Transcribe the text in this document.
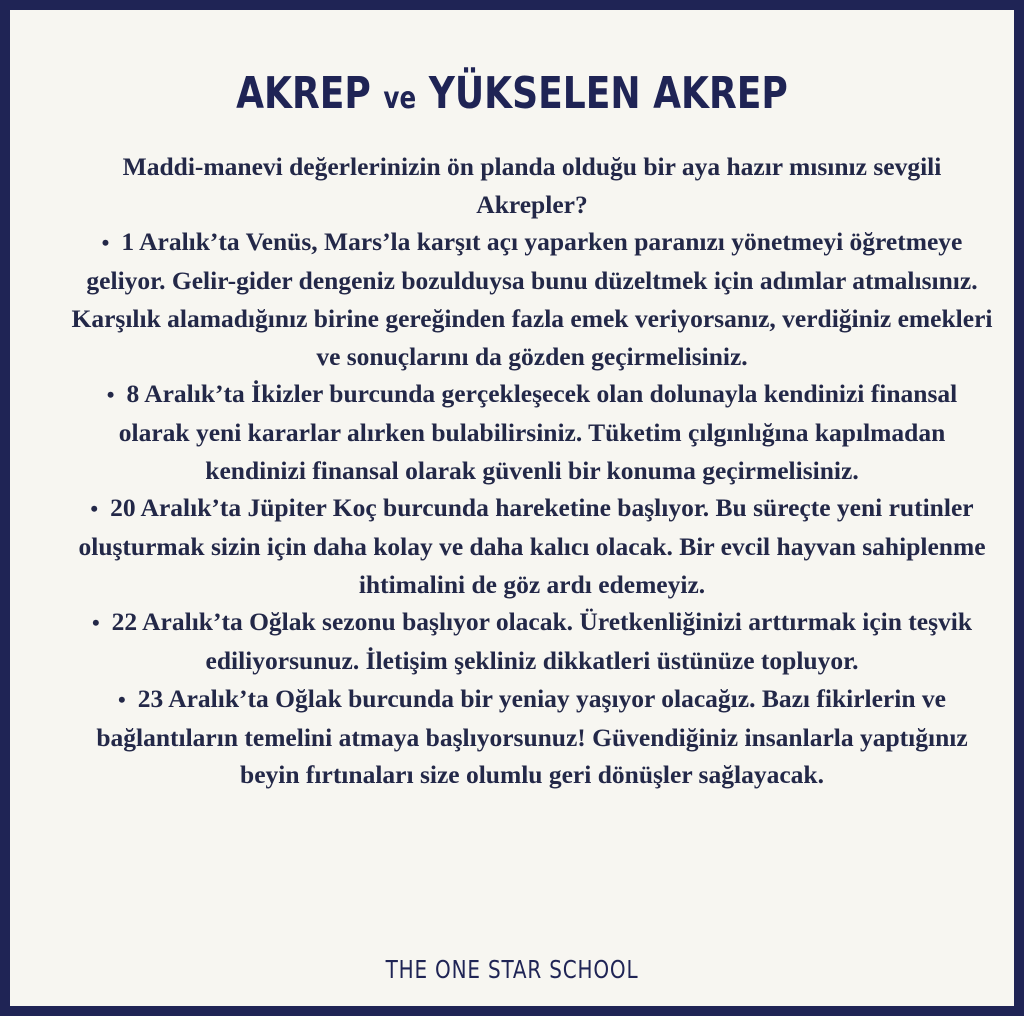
AKREP ve YÜKSELEN AKREP

Maddi-manevi değerlerinizin ön planda olduğu bir aya hazır mısınız sevgili Akrepler?

• 1 Aralık’ta Venüs, Mars’la karşıt açı yaparken paranızı yönetmeyi öğretmeye geliyor. Gelir-gider dengeniz bozulduysa bunu düzeltmek için adımlar atmalısınız. Karşılık alamadığınız birine gereğinden fazla emek veriyorsanız, verdiğiniz emekleri ve sonuçlarını da gözden geçirmelisiniz.

• 8 Aralık’ta İkizler burcunda gerçekleşecek olan dolunayla kendinizi finansal olarak yeni kararlar alırken bulabilirsiniz. Tüketim çılgınlığına kapılmadan kendinizi finansal olarak güvenli bir konuma geçirmelisiniz.

• 20 Aralık’ta Jüpiter Koç burcunda hareketine başlıyor. Bu süreçte yeni rutinler oluşturmak sizin için daha kolay ve daha kalıcı olacak. Bir evcil hayvan sahiplenme ihtimalini de göz ardı edemeyiz.

• 22 Aralık’ta Oğlak sezonu başlıyor olacak. Üretkenliğinizi arttırmak için teşvik ediliyorsunuz. İletişim şekliniz dikkatleri üstünüze topluyor.

• 23 Aralık’ta Oğlak burcunda bir yeniay yaşıyor olacağız. Bazı fikirlerin ve bağlantıların temelini atmaya başlıyorsunuz! Güvendiğiniz insanlarla yaptığınız beyin fırtınaları size olumlu geri dönüşler sağlayacak.

THE ONE STAR SCHOOL
